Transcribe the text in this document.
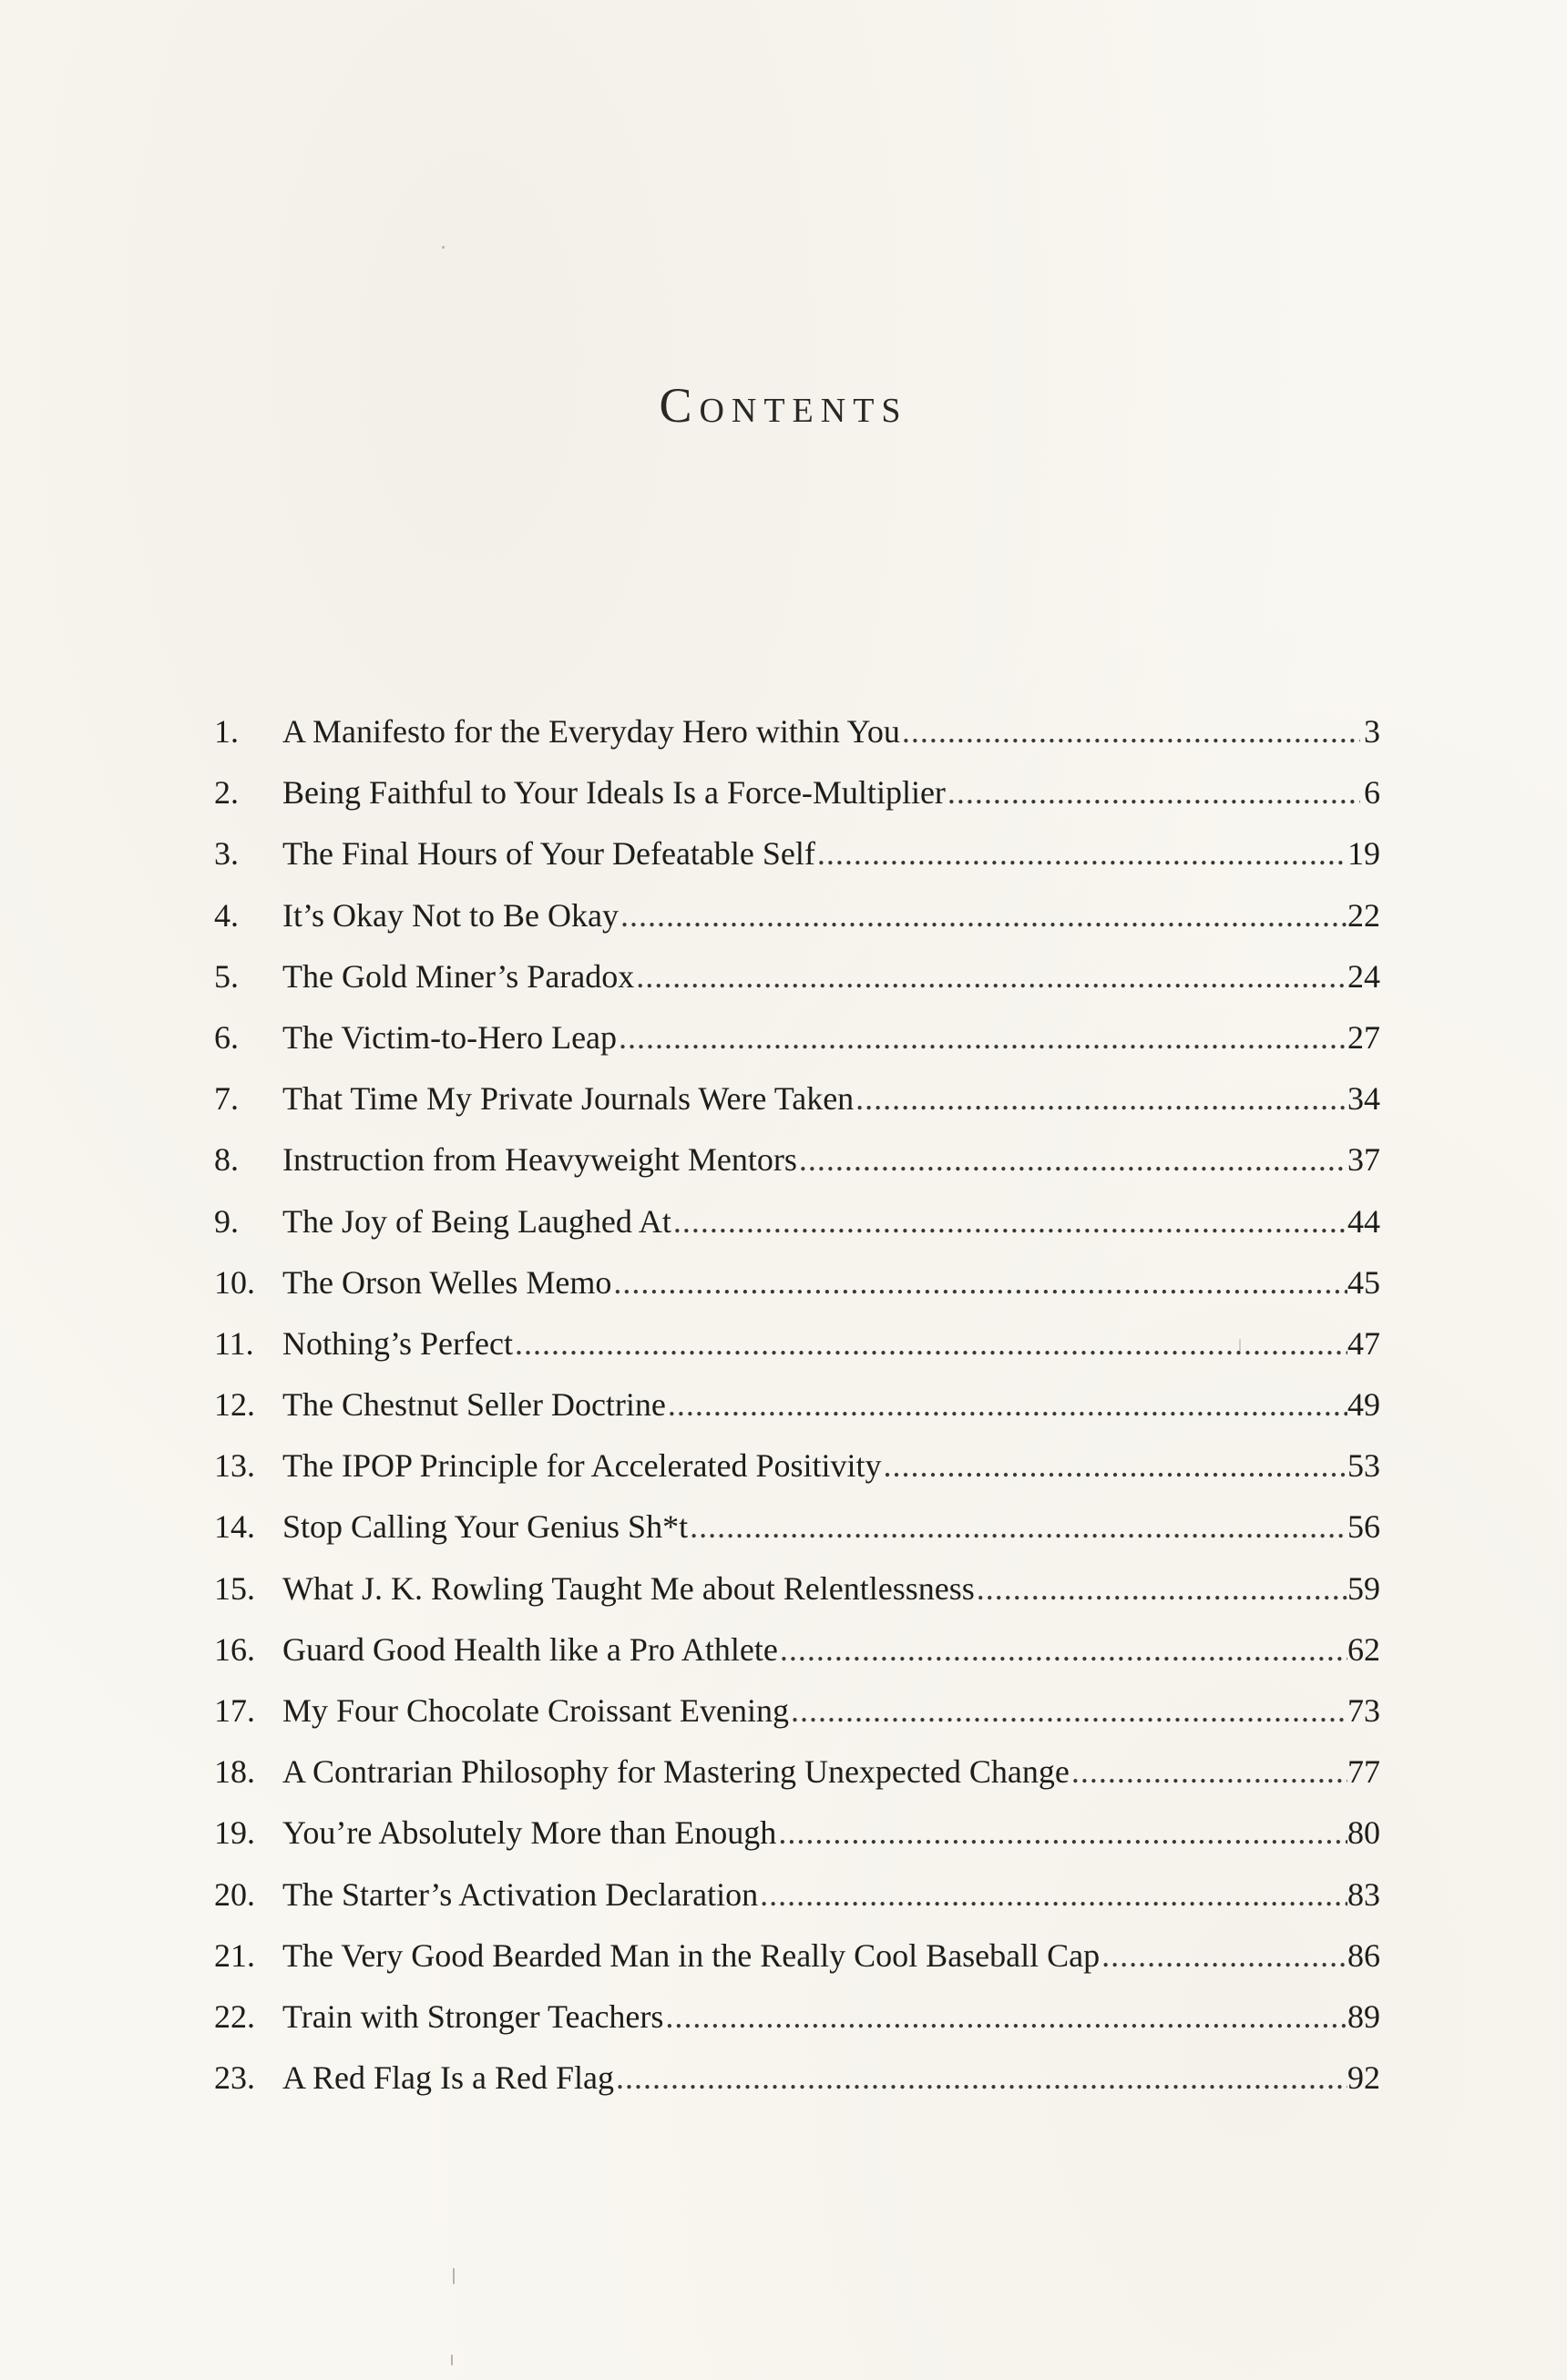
Contents
1.	A Manifesto for the Everyday Hero within You . . .	3
2.	Being Faithful to Your Ideals Is a Force-Multiplier . . .	6
3.	The Final Hours of Your Defeatable Self . . .	19
4.	It’s Okay Not to Be Okay . . .	22
5.	The Gold Miner’s Paradox . . .	24
6.	The Victim-to-Hero Leap . . .	27
7.	That Time My Private Journals Were Taken . . .	34
8.	Instruction from Heavyweight Mentors . . .	37
9.	The Joy of Being Laughed At . . .	44
10. The Orson Welles Memo . . .	45
11. Nothing’s Perfect . . .	47
12. The Chestnut Seller Doctrine . . .	49
13. The IPOP Principle for Accelerated Positivity . . .	53
14. Stop Calling Your Genius Sh*t . . .	56
15. What J. K. Rowling Taught Me about Relentlessness . . .	59
16. Guard Good Health like a Pro Athlete . . .	62
17. My Four Chocolate Croissant Evening . . .	73
18. A Contrarian Philosophy for Mastering Unexpected Change . . .	77
19. You’re Absolutely More than Enough . . .	80
20. The Starter’s Activation Declaration . . .	83
21. The Very Good Bearded Man in the Really Cool Baseball Cap . . .	86
22. Train with Stronger Teachers . . .	89
23. A Red Flag Is a Red Flag . . .	92
